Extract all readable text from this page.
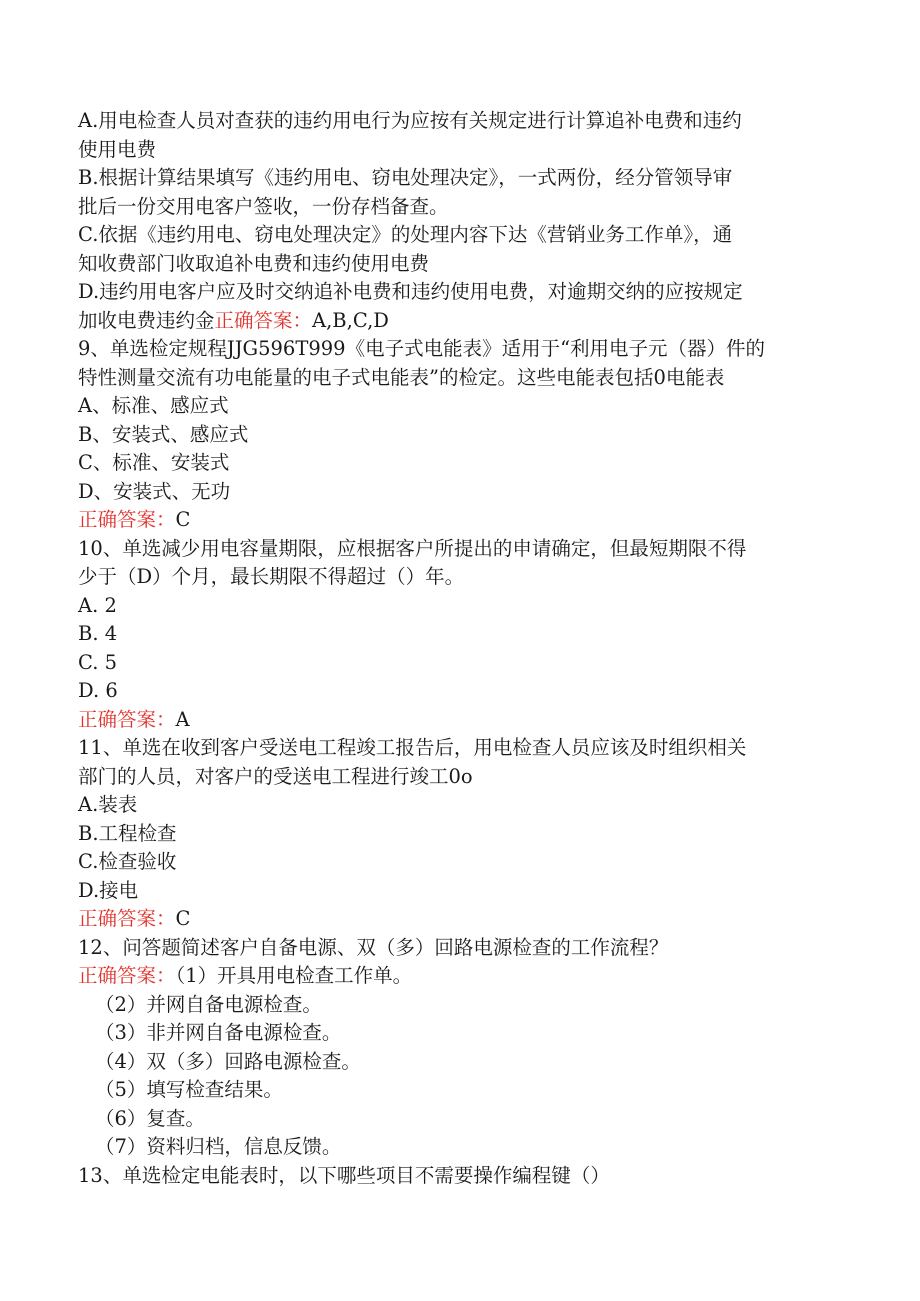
A.用电检查人员对查获的违约用电行为应按有关规定进行计算追补电费和违约
使用电费
B.根据计算结果填写《违约用电、窃电处理决定》，一式两份，经分管领导审
批后一份交用电客户签收，一份存档备查。
C.依据《违约用电、窃电处理决定》的处理内容下达《营销业务工作单》，通
知收费部门收取追补电费和违约使用电费
D.违约用电客户应及时交纳追补电费和违约使用电费，对逾期交纳的应按规定
加收电费违约金正确答案：A,B,C,D
9、单选检定规程JJG596T999《电子式电能表》适用于“利用电子元（器）件的
特性测量交流有功电能量的电子式电能表”的检定。这些电能表包括0电能表
A、标准、感应式
B、安装式、感应式
C、标准、安装式
D、安装式、无功
正确答案：C
10、单选减少用电容量期限，应根据客户所提出的申请确定，但最短期限不得
少于（D）个月，最长期限不得超过（）年。
A. 2
B. 4
C. 5
D. 6
正确答案：A
11、单选在收到客户受送电工程竣工报告后，用电检查人员应该及时组织相关
部门的人员，对客户的受送电工程进行竣工0o
A.装表
B.工程检查
C.检查验收
D.接电
正确答案：C
12、问答题简述客户自备电源、双（多）回路电源检查的工作流程？
正确答案：（1）开具用电检查工作单。
（2）并网自备电源检查。
（3）非并网自备电源检查。
（4）双（多）回路电源检查。
（5）填写检查结果。
（6）复查。
（7）资料归档，信息反馈。
13、单选检定电能表时，以下哪些项目不需要操作编程键（）
